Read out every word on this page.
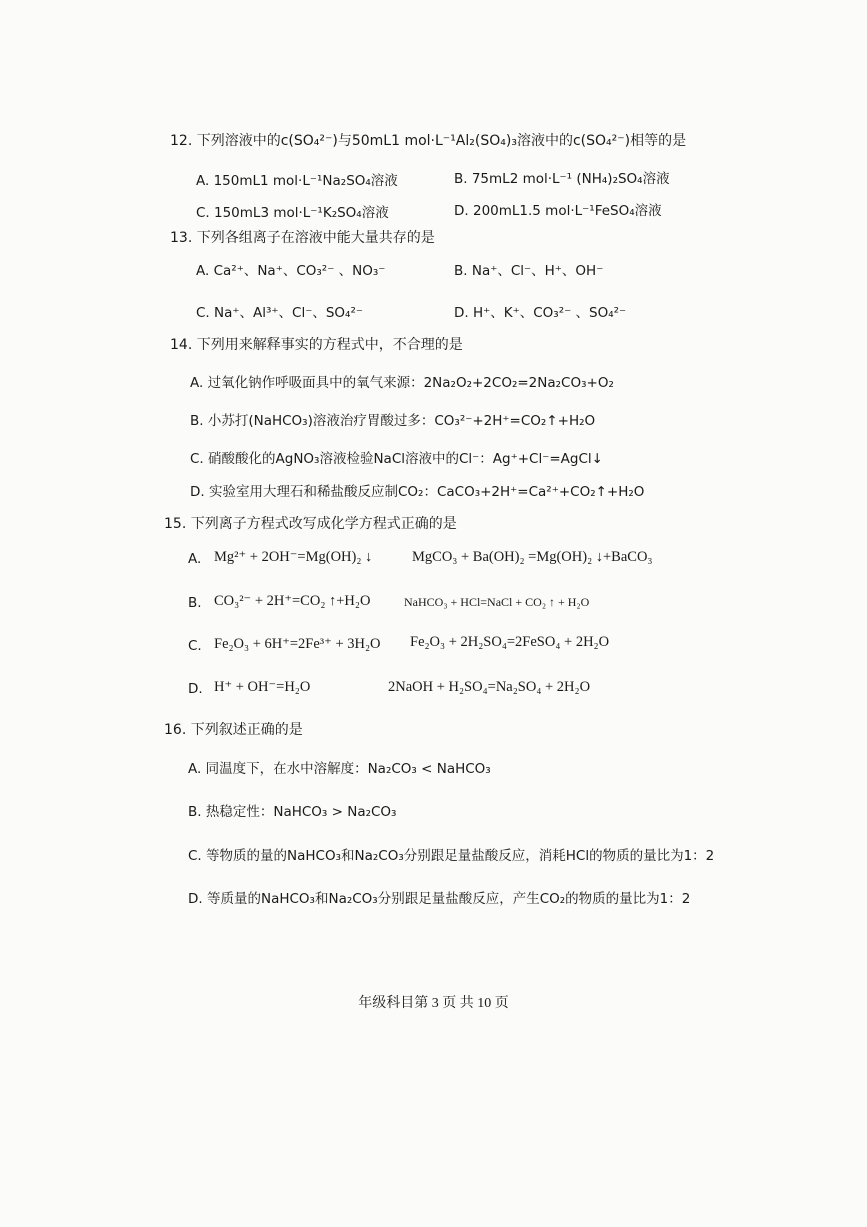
12. 下列溶液中的c(SO₄²⁻)与50mL1 mol·L⁻¹Al₂(SO₄)₃溶液中的c(SO₄²⁻)相等的是
A. 150mL1 mol·L⁻¹Na₂SO₄溶液	B. 75mL2 mol·L⁻¹ (NH₄)₂SO₄溶液
C. 150mL3 mol·L⁻¹K₂SO₄溶液	D. 200mL1.5 mol·L⁻¹FeSO₄溶液
13. 下列各组离子在溶液中能大量共存的是
A. Ca²⁺、Na⁺、CO₃²⁻ 、NO₃⁻	B. Na⁺、Cl⁻、H⁺、OH⁻
C. Na⁺、Al³⁺、Cl⁻、SO₄²⁻	D. H⁺、K⁺、CO₃²⁻ 、SO₄²⁻
14. 下列用来解释事实的方程式中，不合理的是
A. 过氧化钠作呼吸面具中的氧气来源：2Na₂O₂+2CO₂=2Na₂CO₃+O₂
B. 小苏打(NaHCO₃)溶液治疗胃酸过多：CO₃²⁻+2H⁺=CO₂↑+H₂O
C. 硝酸酸化的AgNO₃溶液检验NaCl溶液中的Cl⁻：Ag⁺+Cl⁻=AgCl↓
D. 实验室用大理石和稀盐酸反应制CO₂：CaCO₃+2H⁺=Ca²⁺+CO₂↑+H₂O
15. 下列离子方程式改写成化学方程式正确的是
A. Mg²⁺ + 2OH⁻=Mg(OH)₂ ↓	MgCO₃ + Ba(OH)₂ =Mg(OH)₂ ↓+BaCO₃
B. CO₃²⁻ + 2H⁺=CO₂ ↑+H₂O	NaHCO₃ + HCl=NaCl + CO₂ ↑ + H₂O
C. Fe₂O₃ + 6H⁺=2Fe³⁺ + 3H₂O Fe₂O₃ + 2H₂SO₄=2FeSO₄ + 2H₂O
D. H⁺ + OH⁻=H₂O	2NaOH + H₂SO₄=Na₂SO₄ + 2H₂O
16. 下列叙述正确的是
A. 同温度下，在水中溶解度：Na₂CO₃ < NaHCO₃
B. 热稳定性：NaHCO₃ > Na₂CO₃
C. 等物质的量的NaHCO₃和Na₂CO₃分别跟足量盐酸反应，消耗HCl的物质的量比为1：2
D. 等质量的NaHCO₃和Na₂CO₃分别跟足量盐酸反应，产生CO₂的物质的量比为1：2
年级科目第 3 页 共 10 页
